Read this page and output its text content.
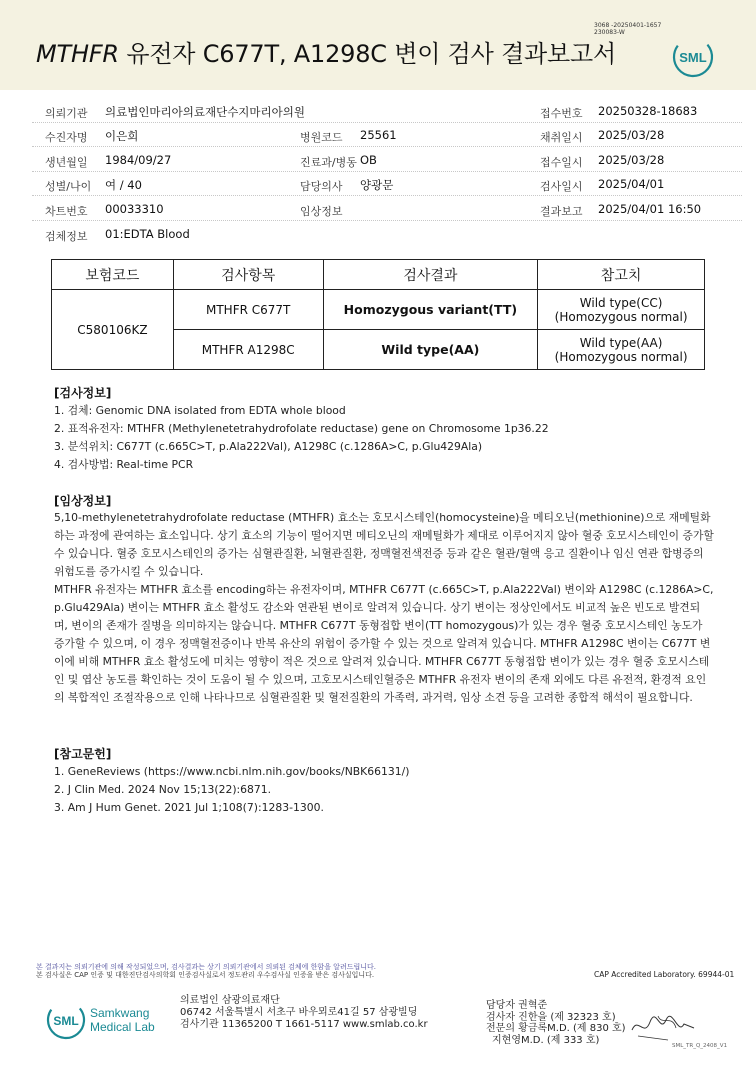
MTHFR 유전자 C677T, A1298C 변이 검사 결과보고서
3068 -20250401-1657
230083-W
SML
의뢰기관 의료법인마리아의료재단수지마리아의원	접수번호 20250328-18683
수진자명 이은희	병원코드 25561	채취일시 2025/03/28
생년월일 1984/09/27	진료과/병동 OB	접수일시 2025/03/28
성별/나이 여 / 40	담당의사 양광문	검사일시 2025/04/01
차트번호 00033310	임상정보	결과보고 2025/04/01 16:50
검체정보 01:EDTA Blood
보험코드	검사항목	검사결과	참고치
C580106KZ	MTHFR C677T	Homozygous variant(TT)	Wild type(CC)
(Homozygous normal)

	MTHFR A1298C	Wild type(AA)	Wild type(AA)
(Homozygous normal)
[검사정보]
1. 검체: Genomic DNA isolated from EDTA whole blood
2. 표적유전자: MTHFR (Methylenetetrahydrofolate reductase) gene on Chromosome 1p36.22
3. 분석위치: C677T (c.665C>T, p.Ala222Val), A1298C (c.1286A>C, p.Glu429Ala)
4. 검사방법: Real-time PCR
[임상정보]
5,10-methylenetetrahydrofolate reductase (MTHFR) 효소는 호모시스테인(homocysteine)을 메티오닌(methionine)으로 재메틸화하는 과정에 관여하는 효소입니다. 상기 효소의 기능이 떨어지면 메티오닌의 재메틸화가 제대로 이루어지지 않아 혈중 호모시스테인이 증가할 수 있습니다. 혈중 호모시스테인의 증가는 심혈관질환, 뇌혈관질환, 정맥혈전색전증 등과 같은 혈관/혈액 응고 질환이나 임신 연관 합병증의 위험도를 증가시킬 수 있습니다.
MTHFR 유전자는 MTHFR 효소를 encoding하는 유전자이며, MTHFR C677T (c.665C>T, p.Ala222Val) 변이와 A1298C (c.1286A>C, p.Glu429Ala) 변이는 MTHFR 효소 활성도 감소와 연관된 변이로 알려져 있습니다. 상기 변이는 정상인에서도 비교적 높은 빈도로 발견되며, 변이의 존재가 질병을 의미하지는 않습니다. MTHFR C677T 동형접합 변이(TT homozygous)가 있는 경우 혈중 호모시스테인 농도가 증가할 수 있으며, 이 경우 정맥혈전증이나 반복 유산의 위험이 증가할 수 있는 것으로 알려져 있습니다. MTHFR A1298C 변이는 C677T 변이에 비해 MTHFR 효소 활성도에 미치는 영향이 적은 것으로 알려져 있습니다. MTHFR C677T 동형접합 변이가 있는 경우 혈중 호모시스테인 및 엽산 농도를 확인하는 것이 도움이 될 수 있으며, 고호모시스테인혈증은 MTHFR 유전자 변이의 존재 외에도 다른 유전적, 환경적 요인의 복합적인 조절작용으로 인해 나타나므로 심혈관질환 및 혈전질환의 가족력, 과거력, 임상 소견 등을 고려한 종합적 해석이 필요합니다.
[참고문헌]
1. GeneReviews (https://www.ncbi.nlm.nih.gov/books/NBK66131/)
2. J Clin Med. 2024 Nov 15;13(22):6871.
3. Am J Hum Genet. 2021 Jul 1;108(7):1283-1300.
본 결과지는 의뢰기관에 의해 작성되었으며, 검사결과는 상기 의뢰기관에서 의뢰된 검체에 한함을 알려드립니다.
본 검사실은 CAP 인증 및 대한진단검사의학회 인증검사실로서 정도관리 우수검사실 인증을 받은 검사실입니다.	CAP Accredited Laboratory. 69944-01
SML
Samkwang
Medical Lab
의료법인 삼광의료재단
06742 서울특별시 서초구 바우뫼로41길 57 삼광빌딩
검사기관 11365200 T 1661-5117 www.smlab.co.kr
담당자 권혁준
검사자 진한을 (제 32323 호)
전문의 황금록M.D. (제 830 호)
지현영M.D. (제 333 호)
SML_TR_Q_2408_V1
